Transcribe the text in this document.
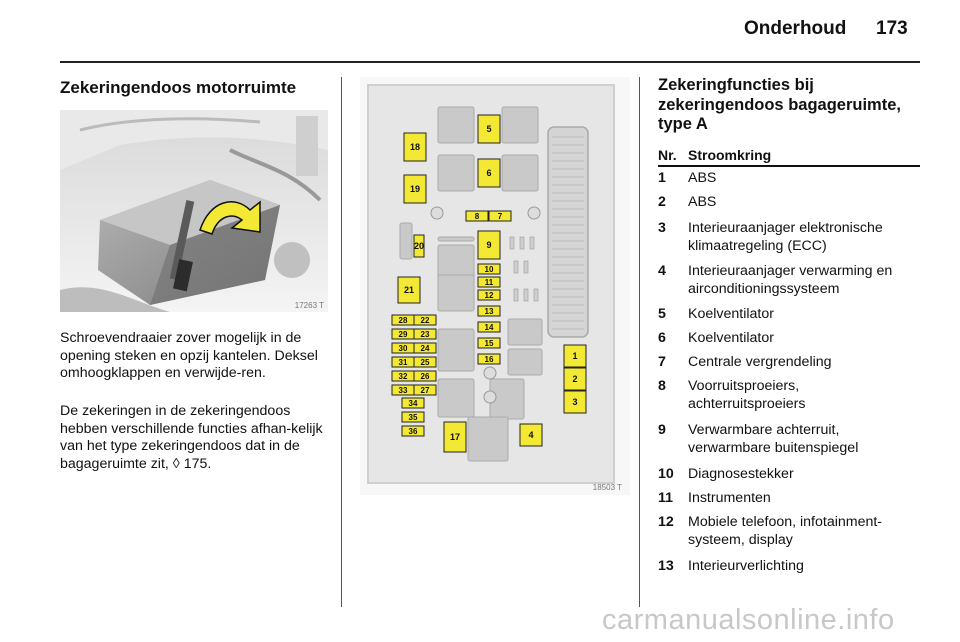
Onderhoud 173
Zekeringendoos motorruimte
17263 T
Schroevendraaier zover mogelijk in de opening steken en opzij kantelen. Deksel omhoogklappen en verwijde-ren.
De zekeringen in de zekeringendoos hebben verschillende functies afhan-kelijk van het type zekeringendoos dat in de bagageruimte zit, ◊ 175.
1
2
3
4
5
6
7
8
9
10
11
12
13
14
15
16
17
18
19
20
21
22
23
24
25
26
27
28
29
30
31
32
33
34
35
36
18503 T
Zekeringfuncties bij zekeringendoos bagageruimte, type A
Nr. Stroomkring
1 ABS
2 ABS
3 Interieuraanjager elektronische klimaatregeling (ECC)
4 Interieuraanjager verwarming en airconditioningssysteem
5 Koelventilator
6 Koelventilator
7 Centrale vergrendeling
8 Voorruitsproeiers, achterruitsproeiers
9 Verwarmbare achterruit, verwarmbare buitenspiegel
10 Diagnosestekker
11 Instrumenten
12 Mobiele telefoon, infotainment-systeem, display
13 Interieurverlichting
carmanualsonline.info
